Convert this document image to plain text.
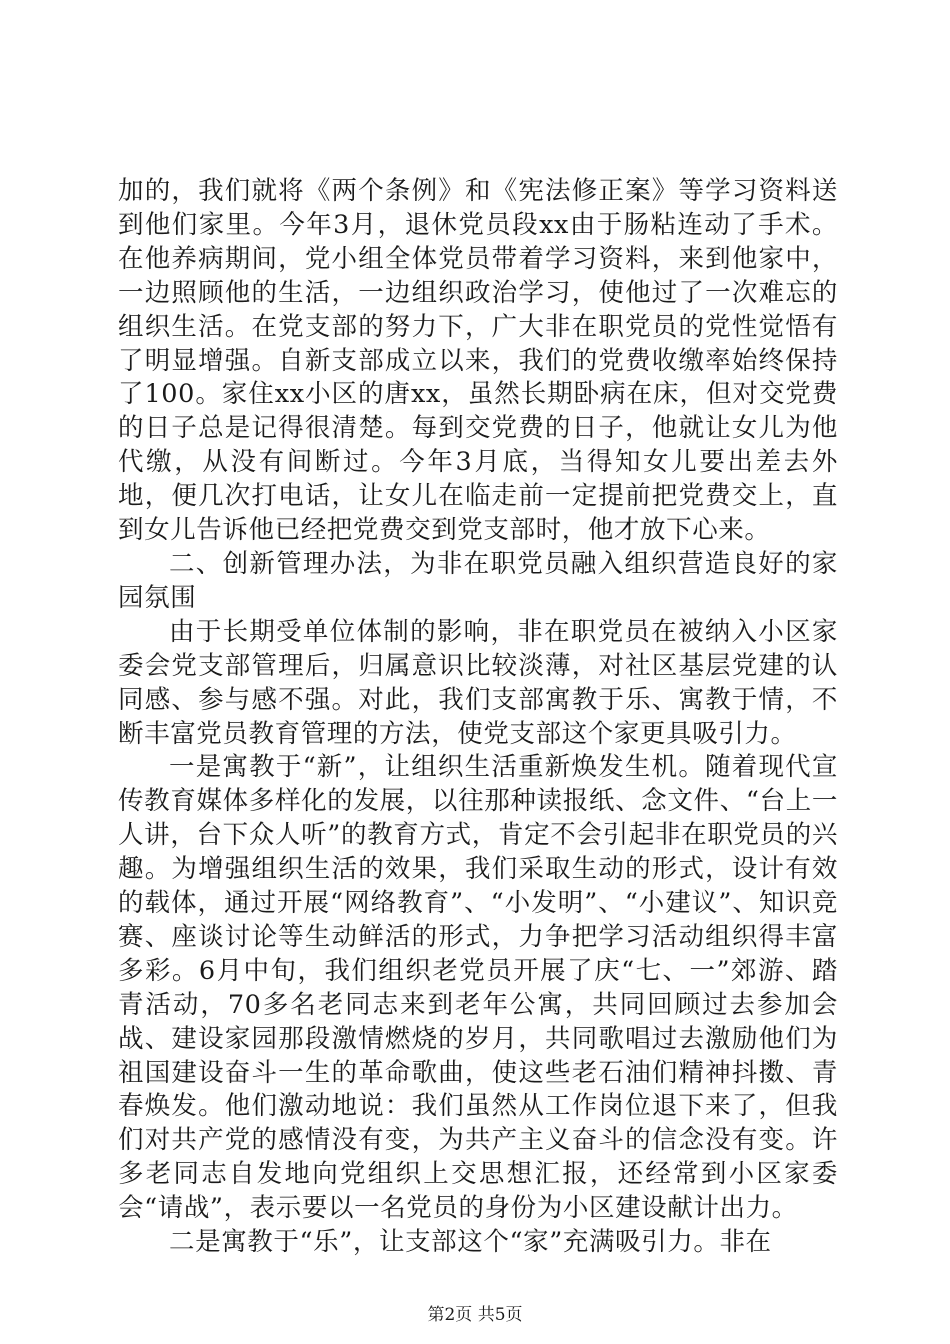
加的，我们就将《两个条例》和《宪法修正案》等学习资料送到他们家里。今年3月，退休党员段xx由于肠粘连动了手术。在他养病期间，党小组全体党员带着学习资料，来到他家中，一边照顾他的生活，一边组织政治学习，使他过了一次难忘的组织生活。在党支部的努力下，广大非在职党员的党性觉悟有了明显增强。自新支部成立以来，我们的党费收缴率始终保持了100。家住xx小区的唐xx，虽然长期卧病在床，但对交党费的日子总是记得很清楚。每到交党费的日子，他就让女儿为他代缴，从没有间断过。今年3月底，当得知女儿要出差去外地，便几次打电话，让女儿在临走前一定提前把党费交上，直到女儿告诉他已经把党费交到党支部时，他才放下心来。

二、创新管理办法，为非在职党员融入组织营造良好的家园氛围

由于长期受单位体制的影响，非在职党员在被纳入小区家委会党支部管理后，归属意识比较淡薄，对社区基层党建的认同感、参与感不强。对此，我们支部寓教于乐、寓教于情，不断丰富党员教育管理的方法，使党支部这个家更具吸引力。

一是寓教于“新”，让组织生活重新焕发生机。随着现代宣传教育媒体多样化的发展，以往那种读报纸、念文件、“台上一人讲，台下众人听”的教育方式，肯定不会引起非在职党员的兴趣。为增强组织生活的效果，我们采取生动的形式，设计有效的载体，通过开展“网络教育”、“小发明”、“小建议”、知识竞赛、座谈讨论等生动鲜活的形式，力争把学习活动组织得丰富多彩。6月中旬，我们组织老党员开展了庆“七、一”郊游、踏青活动，70多名老同志来到老年公寓，共同回顾过去参加会战、建设家园那段激情燃烧的岁月，共同歌唱过去激励他们为祖国建设奋斗一生的革命歌曲，使这些老石油们精神抖擞、青春焕发。他们激动地说：我们虽然从工作岗位退下来了，但我们对共产党的感情没有变，为共产主义奋斗的信念没有变。许多老同志自发地向党组织上交思想汇报，还经常到小区家委会“请战”，表示要以一名党员的身份为小区建设献计出力。

二是寓教于“乐”，让支部这个“家”充满吸引力。非在

第2页 共5页
